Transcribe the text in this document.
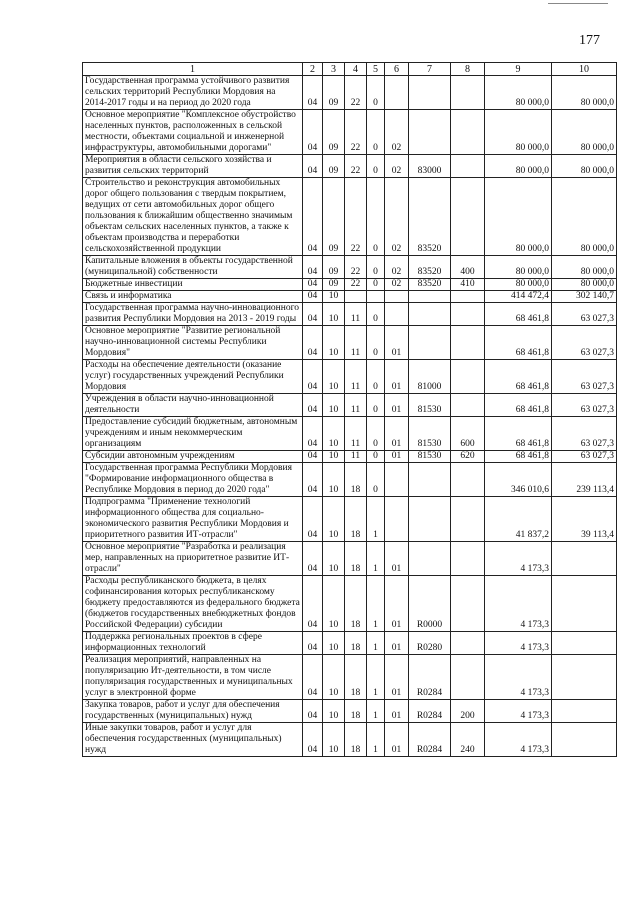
177
1	2	3	4	5	6	7	8	9	10
Государственная программа устойчивого развития сельских территорий Республики Мордовия на 2014-2017 годы и на период до 2020 года	04	09	22	0				80 000,0	80 000,0
Основное мероприятие "Комплексное обустройство населенных пунктов, расположенных в сельской местности, объектами социальной и инженерной инфраструктуры, автомобильными дорогами"	04	09	22	0	02			80 000,0	80 000,0
Мероприятия в области сельского хозяйства и развития сельских территорий	04	09	22	0	02	83000		80 000,0	80 000,0
Строительство и реконструкция автомобильных дорог общего пользования с твердым покрытием, ведущих от сети автомобильных дорог общего пользования к ближайшим общественно значимым объектам сельских населенных пунктов, а также к объектам производства и переработки сельскохозяйственной продукции	04	09	22	0	02	83520		80 000,0	80 000,0
Капитальные вложения в объекты государственной (муниципальной) собственности	04	09	22	0	02	83520	400	80 000,0	80 000,0
Бюджетные инвестиции	04	09	22	0	02	83520	410	80 000,0	80 000,0
Связь и информатика	04	10						414 472,4	302 140,7
Государственная программа научно-инновационного развития Республики Мордовия на 2013 - 2019 годы	04	10	11	0				68 461,8	63 027,3
Основное мероприятие "Развитие региональной научно-инновационной системы Республики Мордовия"	04	10	11	0	01			68 461,8	63 027,3
Расходы на обеспечение деятельности (оказание услуг) государственных учреждений Республики Мордовия	04	10	11	0	01	81000		68 461,8	63 027,3
Учреждения в области научно-инновационной деятельности	04	10	11	0	01	81530		68 461,8	63 027,3
Предоставление субсидий бюджетным, автономным учреждениям и иным некоммерческим организациям	04	10	11	0	01	81530	600	68 461,8	63 027,3
Субсидии автономным учреждениям	04	10	11	0	01	81530	620	68 461,8	63 027,3
Государственная программа Республики Мордовия "Формирование информационного общества в Республике Мордовия в период до 2020 года"	04	10	18	0				346 010,6	239 113,4
Подпрограмма "Применение технологий информационного общества для социально-экономического развития Республики Мордовия и приоритетного развития ИТ-отрасли"	04	10	18	1				41 837,2	39 113,4
Основное мероприятие "Разработка и реализация мер, направленных на приоритетное развитие ИТ-отрасли"	04	10	18	1	01			4 173,3	
Расходы республиканского бюджета, в целях софинансирования которых республиканскому бюджету предоставляются из федерального бюджета (бюджетов государственных внебюджетных фондов Российской Федерации) субсидии	04	10	18	1	01	R0000		4 173,3	
Поддержка региональных проектов в сфере информационных технологий	04	10	18	1	01	R0280		4 173,3	
Реализация мероприятий, направленных на популяризацию Ит-деятельности, в том числе популяризация государственных и муниципальных услуг в электронной форме	04	10	18	1	01	R0284		4 173,3	
Закупка товаров, работ и услуг для обеспечения государственных (муниципальных) нужд	04	10	18	1	01	R0284	200	4 173,3	
Иные закупки товаров, работ и услуг для обеспечения государственных (муниципальных) нужд	04	10	18	1	01	R0284	240	4 173,3	
